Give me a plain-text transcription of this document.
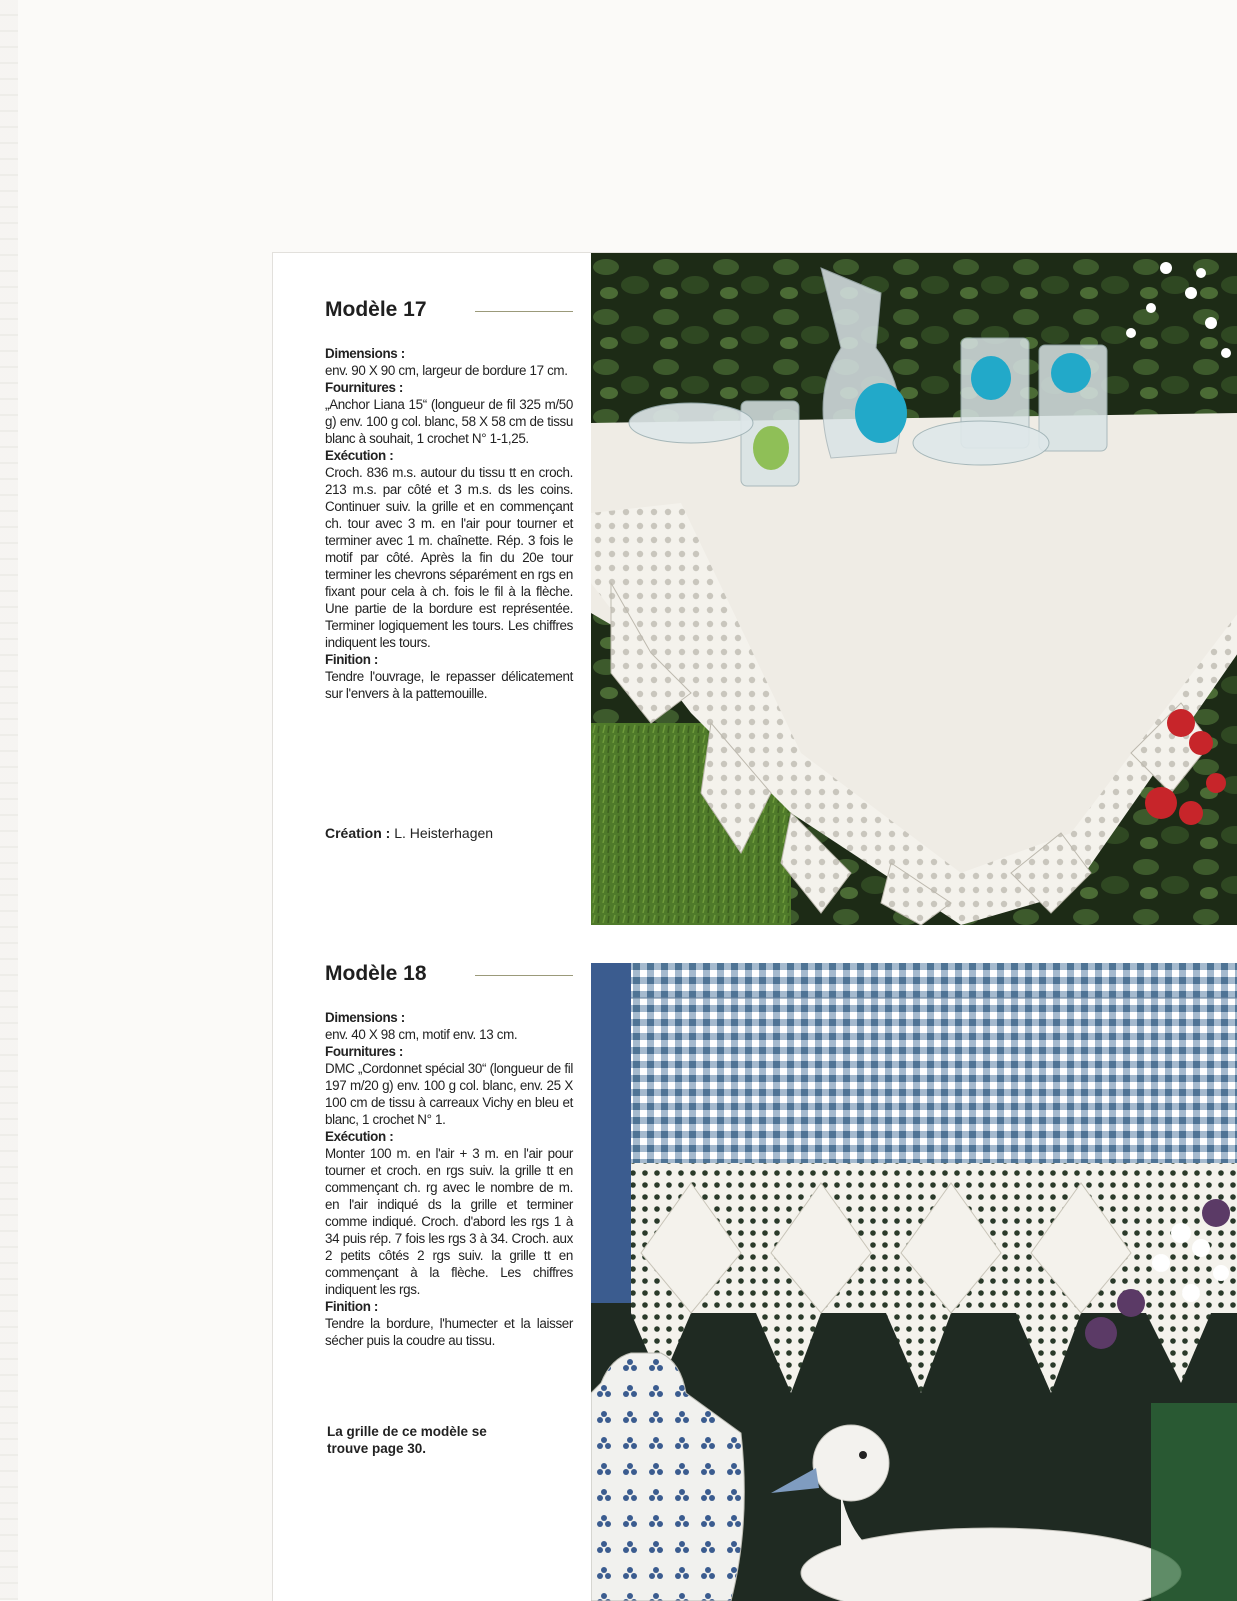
Modèle 17
Dimensions :
env. 90 X 90 cm, largeur de bordure 17 cm.
Fournitures :
„Anchor Liana 15“ (longueur de fil 325 m/50 g) env. 100 g col. blanc, 58 X 58 cm de tissu blanc à souhait, 1 crochet N° 1-1,25.
Exécution :
Croch. 836 m.s. autour du tissu tt en croch. 213 m.s. par côté et 3 m.s. ds les coins. Continuer suiv. la grille et en commençant ch. tour avec 3 m. en l'air pour tourner et terminer avec 1 m. chaînette. Rép. 3 fois le motif par côté. Après la fin du 20e tour terminer les chevrons séparément en rgs en fixant pour cela à ch. fois le fil à la flèche. Une partie de la bordure est représentée. Terminer logiquement les tours. Les chiffres indiquent les tours.
Finition :
Tendre l'ouvrage, le repasser délicatement sur l'envers à la pattemouille.
Création : L. Heisterhagen
Modèle 18
Dimensions :
env. 40 X 98 cm, motif env. 13 cm.
Fournitures :
DMC „Cordonnet spécial 30“ (longueur de fil 197 m/20 g) env. 100 g col. blanc, env. 25 X 100 cm de tissu à carreaux Vichy en bleu et blanc, 1 crochet N° 1.
Exécution :
Monter 100 m. en l'air + 3 m. en l'air pour tourner et croch. en rgs suiv. la grille tt en commençant ch. rg avec le nombre de m. en l'air indiqué ds la grille et terminer comme indiqué. Croch. d'abord les rgs 1 à 34 puis rép. 7 fois les rgs 3 à 34. Croch. aux 2 petits côtés 2 rgs suiv. la grille tt en commençant à la flèche. Les chiffres indiquent les rgs.
Finition :
Tendre la bordure, l'humecter et la laisser sécher puis la coudre au tissu.
La grille de ce modèle se trouve page 30.
